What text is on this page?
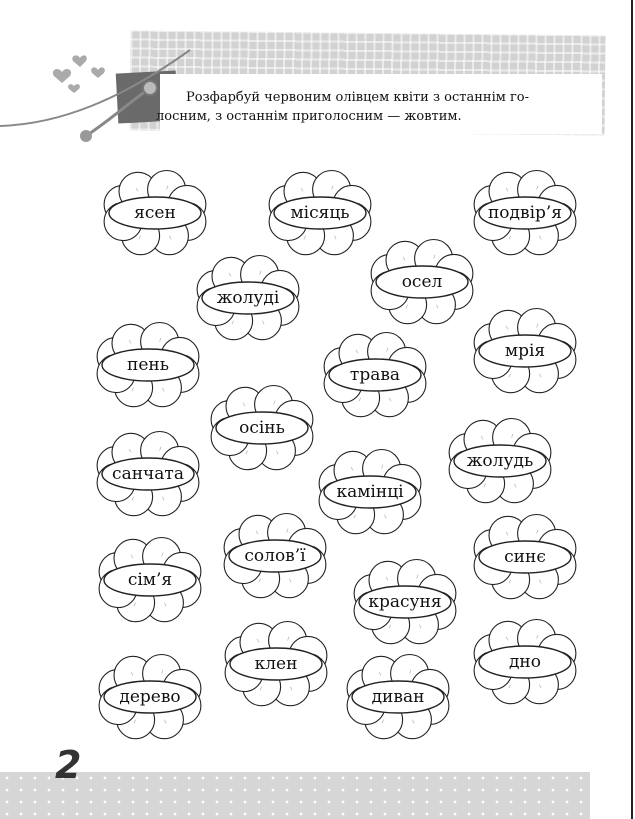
Розфарбуй червоним олівцем квіти з останнім го-
лосним, з останнім приголосним — жовтим.
ясен	місяць	подвір’я
осел
жолуді
мрія
пень	трава
осінь
жолудь
санчата
камінці
солов’ї	синє
сім’я
красуня
клен	дно
дерево	диван
2
